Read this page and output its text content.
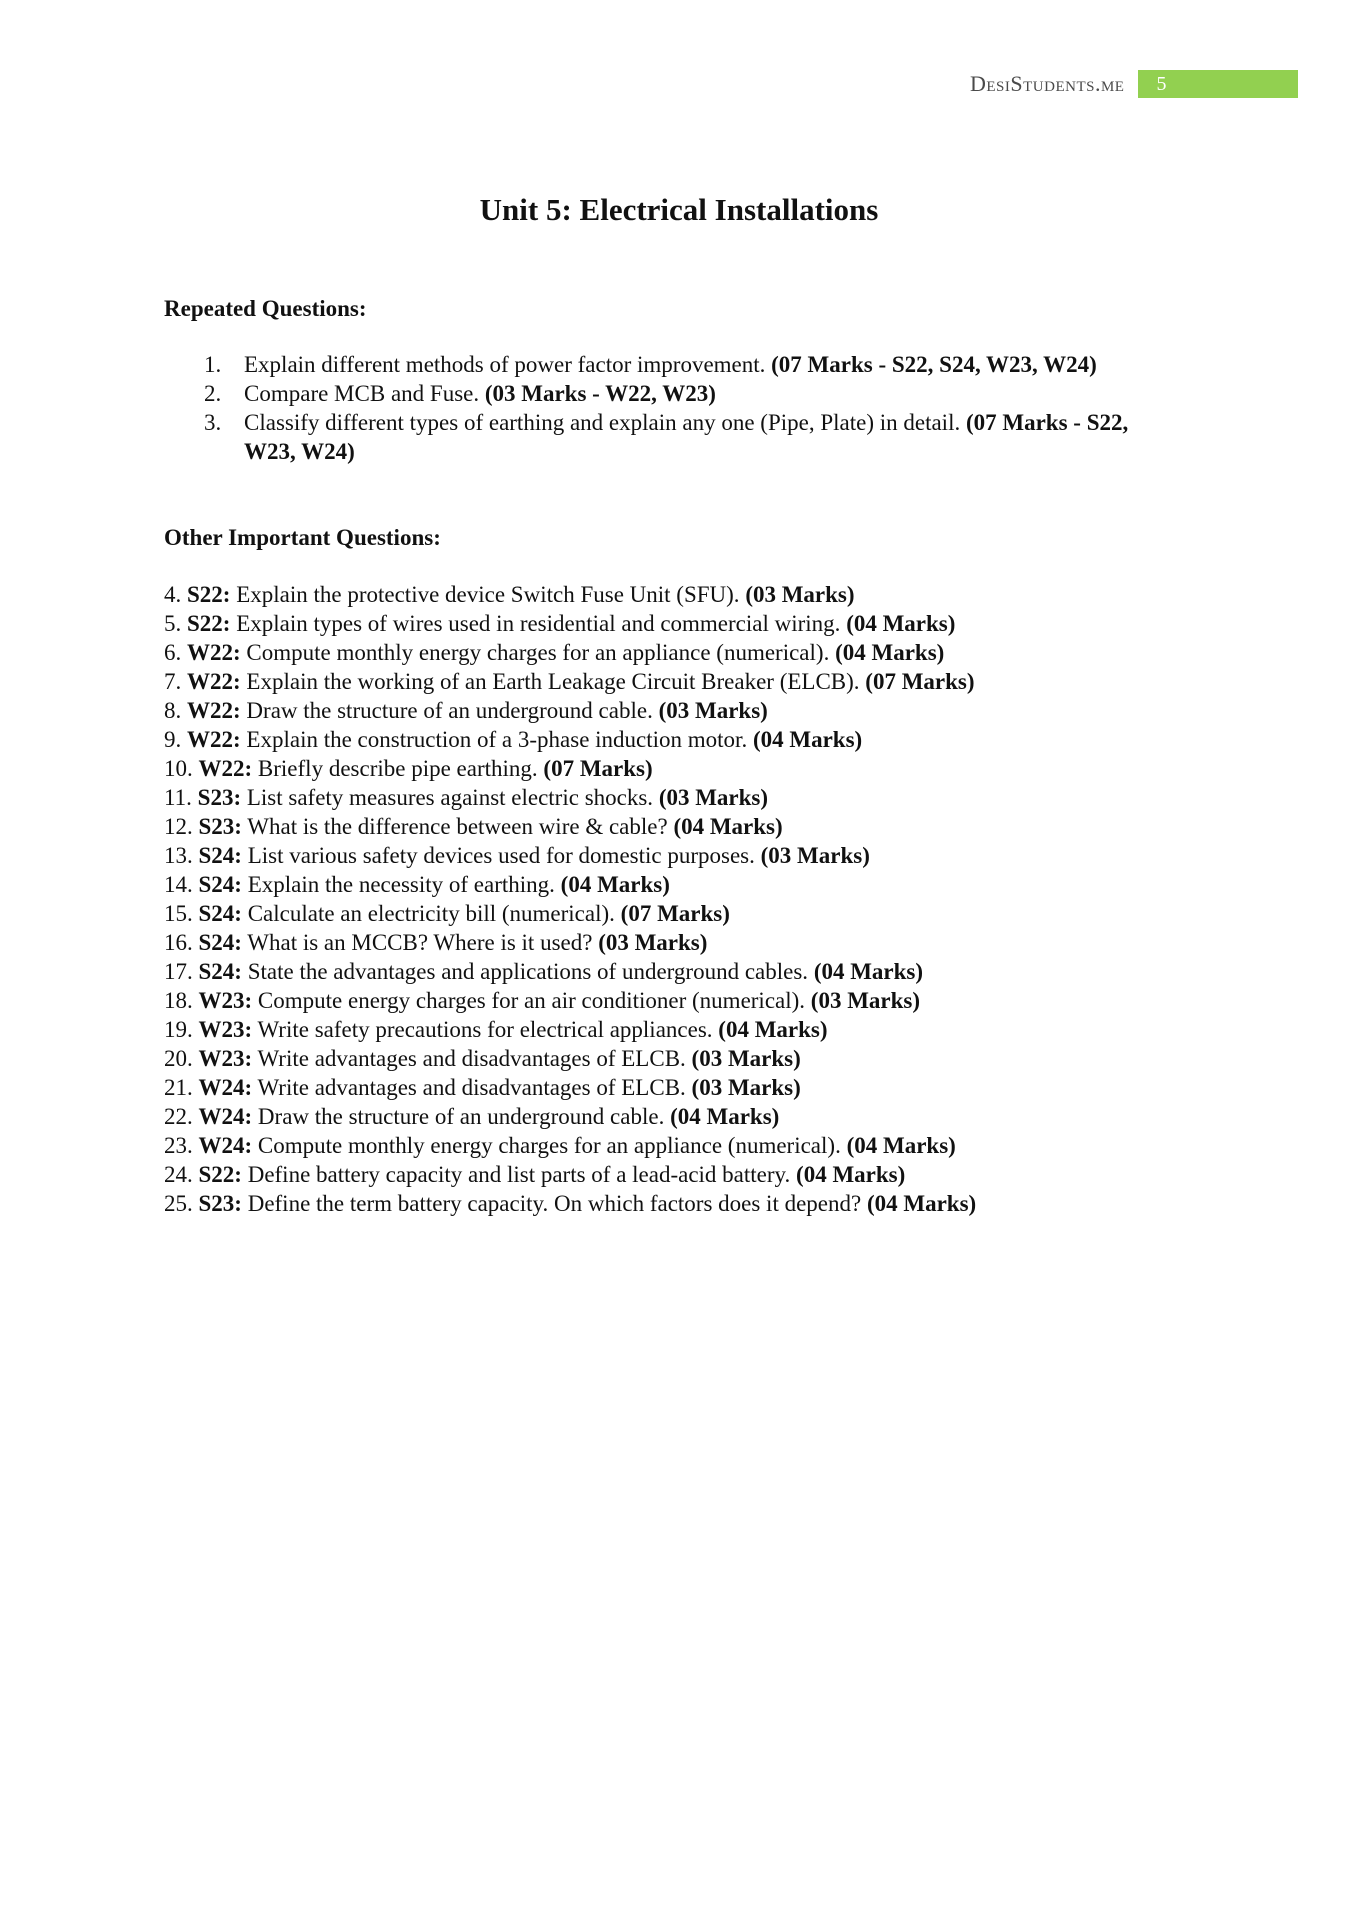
DesiStudents.me	5
Unit 5: Electrical Installations
Repeated Questions:
1. Explain different methods of power factor improvement. (07 Marks - S22, S24, W23, W24)
2. Compare MCB and Fuse. (03 Marks - W22, W23)
3. Classify different types of earthing and explain any one (Pipe, Plate) in detail. (07 Marks - S22, W23, W24)
Other Important Questions:
4. S22: Explain the protective device Switch Fuse Unit (SFU). (03 Marks)
5. S22: Explain types of wires used in residential and commercial wiring. (04 Marks)
6. W22: Compute monthly energy charges for an appliance (numerical). (04 Marks)
7. W22: Explain the working of an Earth Leakage Circuit Breaker (ELCB). (07 Marks)
8. W22: Draw the structure of an underground cable. (03 Marks)
9. W22: Explain the construction of a 3-phase induction motor. (04 Marks)
10. W22: Briefly describe pipe earthing. (07 Marks)
11. S23: List safety measures against electric shocks. (03 Marks)
12. S23: What is the difference between wire & cable? (04 Marks)
13. S24: List various safety devices used for domestic purposes. (03 Marks)
14. S24: Explain the necessity of earthing. (04 Marks)
15. S24: Calculate an electricity bill (numerical). (07 Marks)
16. S24: What is an MCCB? Where is it used? (03 Marks)
17. S24: State the advantages and applications of underground cables. (04 Marks)
18. W23: Compute energy charges for an air conditioner (numerical). (03 Marks)
19. W23: Write safety precautions for electrical appliances. (04 Marks)
20. W23: Write advantages and disadvantages of ELCB. (03 Marks)
21. W24: Write advantages and disadvantages of ELCB. (03 Marks)
22. W24: Draw the structure of an underground cable. (04 Marks)
23. W24: Compute monthly energy charges for an appliance (numerical). (04 Marks)
24. S22: Define battery capacity and list parts of a lead-acid battery. (04 Marks)
25. S23: Define the term battery capacity. On which factors does it depend? (04 Marks)
